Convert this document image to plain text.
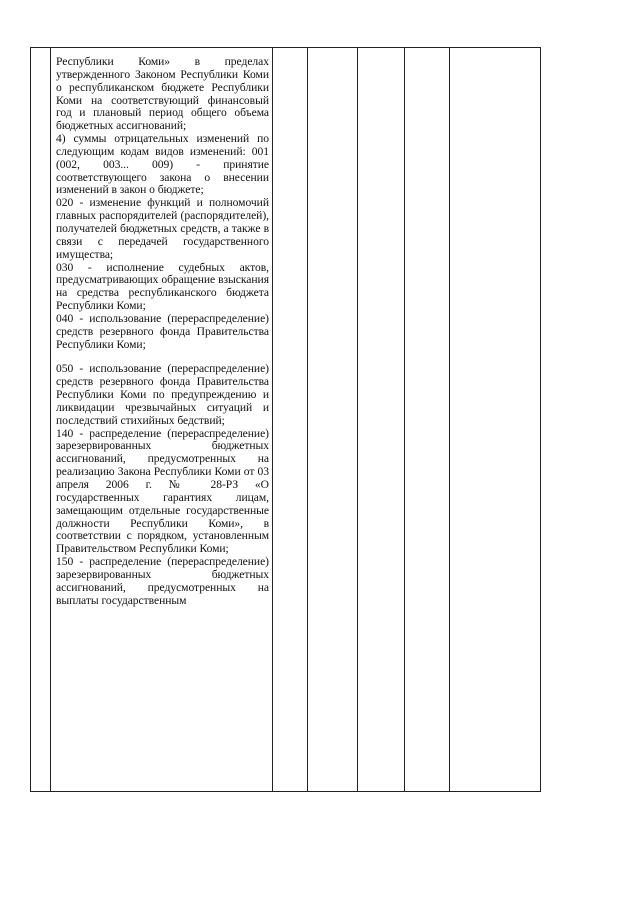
Республики Коми» в пределах утвержденного Законом Республики Коми о республиканском бюджете Республики Коми на соответствующий финансовый год и плановый период общего объема бюджетных ассигнований;

4) суммы отрицательных изменений по следующим кодам видов изменений: 001 (002, 003... 009) - принятие соответствующего закона о внесении изменений в закон о бюджете;

020 - изменение функций и полномочий главных распорядителей (распорядителей), получателей бюджетных средств, а также в связи с передачей государственного имущества;

030 - исполнение судебных актов, предусматривающих обращение взыскания на средства республиканского бюджета Республики Коми;

040 - использование (перераспределение) средств резервного фонда Правительства Республики Коми;

050 - использование (перераспределение) средств резервного фонда Правительства Республики Коми по предупреждению и ликвидации чрезвычайных ситуаций и последствий стихийных бедствий;

140 - распределение (перераспределение) зарезервированных бюджетных ассигнований, предусмотренных на реализацию Закона Республики Коми от 03 апреля 2006 г. № 28-РЗ «О государственных гарантиях лицам, замещающим отдельные государственные должности Республики Коми», в соответствии с порядком, установленным Правительством Республики Коми;

150 - распределение (перераспределение) зарезервированных бюджетных ассигнований, предусмотренных на выплаты государственным
